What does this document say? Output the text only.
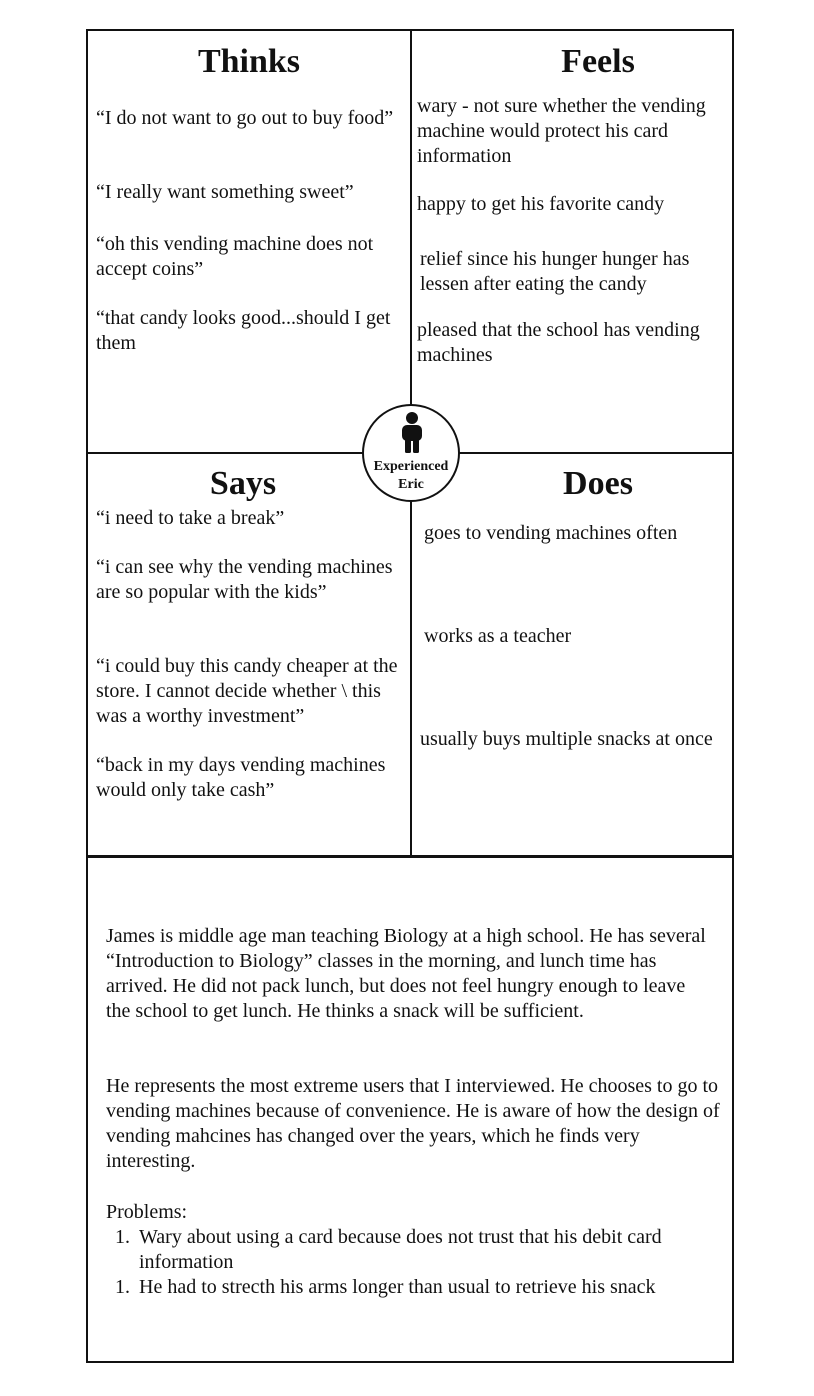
Thinks

“I do not want to go out to buy food”

“I really want something sweet”

“oh this vending machine does not accept coins”

“that candy looks good...should I get them

Feels

wary - not sure whether the vending machine would protect his card information

happy to get his favorite candy

relief since his hunger hunger has lessen after eating the candy

pleased that the school has vending machines

Says

“i need to take a break”

“i can see why the vending machines are so popular with the kids”

“i could buy this candy cheaper at the store. I cannot decide whether \ this was a worthy investment”

“back in my days vending machines would only take cash”

Does

goes to vending machines often

works as a teacher

usually buys multiple snacks at once

Experienced
Eric

James is middle age man teaching Biology at a high school. He has several “Introduction to Biology” classes in the morning, and lunch time has arrived. He did not pack lunch, but does not feel hungry enough to leave the school to get lunch. He thinks a snack will be sufficient.

He represents the most extreme users that I interviewed. He chooses to go to vending machines because of convenience. He is aware of how the design of vending mahcines has changed over the years, which he finds very interesting.

Problems:
1. Wary about using a card because does not trust that his debit card information
1. He had to strecth his arms longer than usual to retrieve his snack
